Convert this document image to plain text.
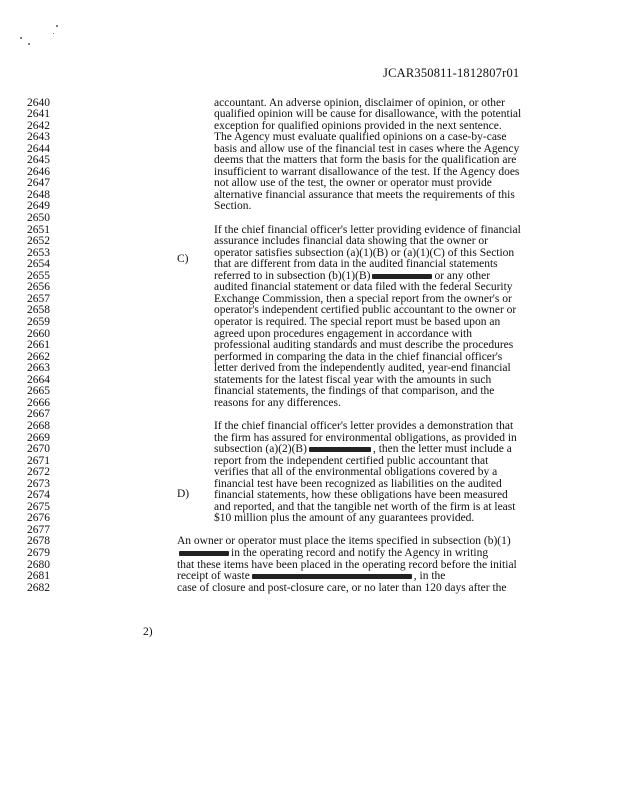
JCAR350811-1812807r01
2640
2641
2642
2643
2644
2645
2646
2647
2648
2649
2650
2651
2652
2653
2654
2655
2656
2657
2658
2659
2660
2661
2662
2663
2664
2665
2666
2667
2668
2669
2670
2671
2672
2673
2674
2675
2676
2677
2678
2679
2680
2681
2682
accountant. An adverse opinion, disclaimer of opinion, or other
qualified opinion will be cause for disallowance, with the potential
exception for qualified opinions provided in the next sentence.
The Agency must evaluate qualified opinions on a case-by-case
basis and allow use of the financial test in cases where the Agency
deems that the matters that form the basis for the qualification are
insufficient to warrant disallowance of the test. If the Agency does
not allow use of the test, the owner or operator must provide
alternative financial assurance that meets the requirements of this
Section.
C)
If the chief financial officer's letter providing evidence of financial
assurance includes financial data showing that the owner or
operator satisfies subsection (a)(1)(B) or (a)(1)(C) of this Section
that are different from data in the audited financial statements
referred to in subsection (b)(1)(B)	or any other
audited financial statement or data filed with the federal Security
Exchange Commission, then a special report from the owner's or
operator's independent certified public accountant to the owner or
operator is required. The special report must be based upon an
agreed upon procedures engagement in accordance with
professional auditing standards and must describe the procedures
performed in comparing the data in the chief financial officer's
letter derived from the independently audited, year-end financial
statements for the latest fiscal year with the amounts in such
financial statements, the findings of that comparison, and the
reasons for any differences.
D)
If the chief financial officer's letter provides a demonstration that
the firm has assured for environmental obligations, as provided in
subsection (a)(2)(B)	, then the letter must include a
report from the independent certified public accountant that
verifies that all of the environmental obligations covered by a
financial test have been recognized as liabilities on the audited
financial statements, how these obligations have been measured
and reported, and that the tangible net worth of the firm is at least
$10 million plus the amount of any guarantees provided.
2)
An owner or operator must place the items specified in subsection (b)(1)
in the operating record and notify the Agency in writing
that these items have been placed in the operating record before the initial
receipt of waste	, in the
case of closure and post-closure care, or no later than 120 days after the
